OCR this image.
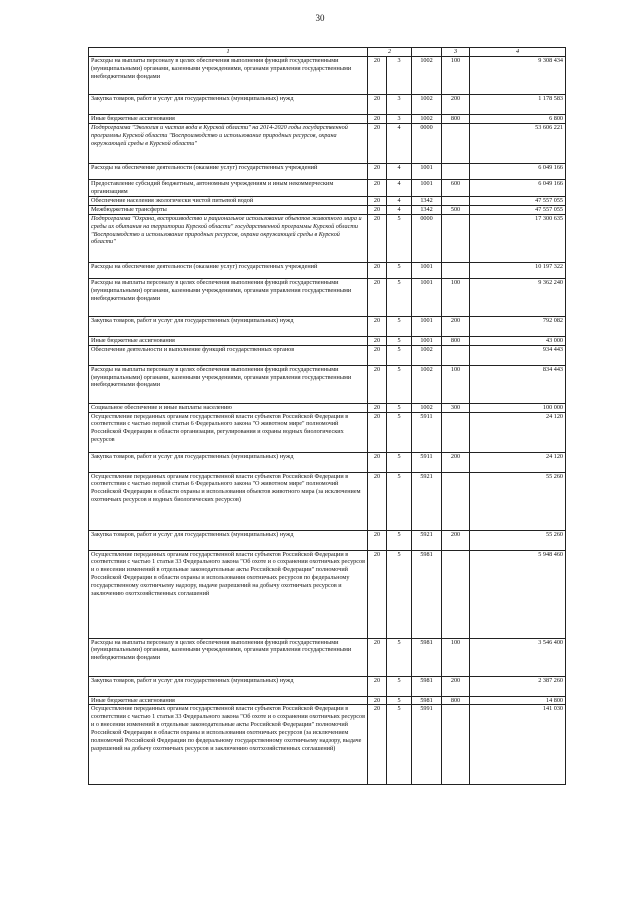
30
1	2			3	4
Расходы на выплаты персоналу в целях обеспечения выполнения функций государственными (муниципальными) органами, казенными учреждениями, органами управления государственными внебюджетными фондами	20	3	1002	100	9 308 434
Закупка товаров, работ и услуг для государственных (муниципальных) нужд	20	3	1002	200	1 178 583
Иные бюджетные ассигнования	20	3	1002	800	6 800
Подпрограмма "Экология и чистая вода в Курской области" на 2014-2020 годы государственной программы Курской области "Воспроизводство и использование природных ресурсов, охрана окружающей среды в Курской области"	20	4	0000		53 606 221
Расходы на обеспечение деятельности (оказание услуг) государственных учреждений	20	4	1001		6 049 166
Предоставление субсидий бюджетным, автономным учреждениям и иным некоммерческим организациям	20	4	1001	600	6 049 166
Обеспечение населения экологически чистой питьевой водой	20	4	1342		47 557 055
Межбюджетные трансферты	20	4	1342	500	47 557 055
Подпрограмма "Охрана, воспроизводство и рациональное использование объектов животного мира и среды их обитания на территории Курской области" государственной программы Курской области "Воспроизводство и использование природных ресурсов, охрана окружающей среды в Курской области"	20	5	0000		17 300 635
Расходы на обеспечение деятельности (оказание услуг) государственных учреждений	20	5	1001		10 197 322
Расходы на выплаты персоналу в целях обеспечения выполнения функций государственными (муниципальными) органами, казенными учреждениями, органами управления государственными внебюджетными фондами	20	5	1001	100	9 362 240
Закупка товаров, работ и услуг для государственных (муниципальных) нужд	20	5	1001	200	792 082
Иные бюджетные ассигнования	20	5	1001	800	43 000
Обеспечение деятельности и выполнение функций государственных органов	20	5	1002		934 443
Расходы на выплаты персоналу в целях обеспечения выполнения функций государственными (муниципальными) органами, казенными учреждениями, органами управления государственными внебюджетными фондами	20	5	1002	100	834 443
Социальное обеспечение и иные выплаты населению	20	5	1002	300	100 000
Осуществление переданных органам государственной власти субъектов Российской Федерации в соответствии с частью первой статьи 6 Федерального закона "О животном мире" полномочий Российской Федерации в области организации, регулирования и охраны водных биологических ресурсов	20	5	5911		24 120
Закупка товаров, работ и услуг для государственных (муниципальных) нужд	20	5	5911	200	24 120
Осуществление переданных органам государственной власти субъектов Российской Федерации в соответствии с частью первой статьи 6 Федерального закона "О животном мире" полномочий Российской Федерации в области охраны и использования объектов животного мира (за исключением охотничьих ресурсов и водных биологических ресурсов)	20	5	5921		55 260
Закупка товаров, работ и услуг для государственных (муниципальных) нужд	20	5	5921	200	55 260
Осуществление переданных органам государственной власти субъектов Российской Федерации в соответствии с частью 1 статьи 33 Федерального закона "Об охоте и о сохранении охотничьих ресурсов и о внесении изменений в отдельные законодательные акты Российской Федерации" полномочий Российской Федерации в области охраны и использования охотничьих ресурсов по федеральному государственному охотничьему надзору, выдаче разрешений на добычу охотничьих ресурсов и заключению охотхозяйственных соглашений	20	5	5981		5 948 460
Расходы на выплаты персоналу в целях обеспечения выполнения функций государственными (муниципальными) органами, казенными учреждениями, органами управления государственными внебюджетными фондами	20	5	5981	100	3 546 400
Закупка товаров, работ и услуг для государственных (муниципальных) нужд	20	5	5981	200	2 387 260
Иные бюджетные ассигнования	20	5	5981	800	14 800
Осуществление переданных органам государственной власти субъектов Российской Федерации в соответствии с частью 1 статьи 33 Федерального закона "Об охоте и о сохранении охотничьих ресурсов и о внесении изменений в отдельные законодательные акты Российской Федерации" полномочий Российской Федерации в области охраны и использования охотничьих ресурсов (за исключением полномочий Российской Федерации по федеральному государственному охотничьему надзору, выдаче разрешений на добычу охотничьих ресурсов и заключению охотхозяйственных соглашений)	20	5	5991		141 030
